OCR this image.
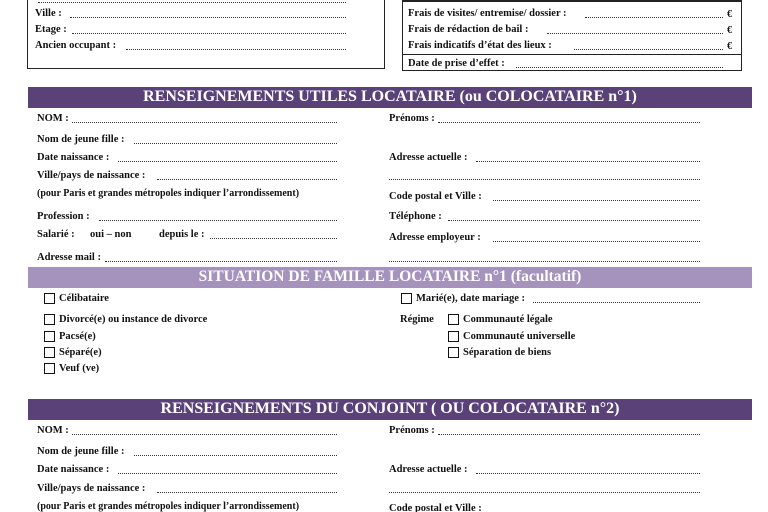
Ville :
Etage :
Ancien occupant :
Frais de visites/ entremise/ dossier :	€
Frais de rédaction de bail :	€
Frais indicatifs d’état des lieux :	€
Date de prise d’effet :
RENSEIGNEMENTS UTILES LOCATAIRE (ou COLOCATAIRE n°1)
NOM :	Prénoms :
Nom de jeune fille :
Date naissance :	Adresse actuelle :
Ville/pays de naissance :
(pour Paris et grandes métropoles indiquer l’arrondissement)	Code postal et Ville :
Profession :	Téléphone :
Salarié : oui – non	depuis le :	Adresse employeur :
Adresse mail :
SITUATION DE FAMILLE LOCATAIRE n°1 (facultatif)
Célibataire	Marié(e), date mariage :
Divorcé(e) ou instance de divorce	Régime	Communauté légale
Pacsé(e)	Communauté universelle
Séparé(e)	Séparation de biens
Veuf (ve)
RENSEIGNEMENTS DU CONJOINT ( OU COLOCATAIRE n°2)
NOM :	Prénoms :
Nom de jeune fille :
Date naissance :	Adresse actuelle :
Ville/pays de naissance :
(pour Paris et grandes métropoles indiquer l’arrondissement)	Code postal et Ville :
